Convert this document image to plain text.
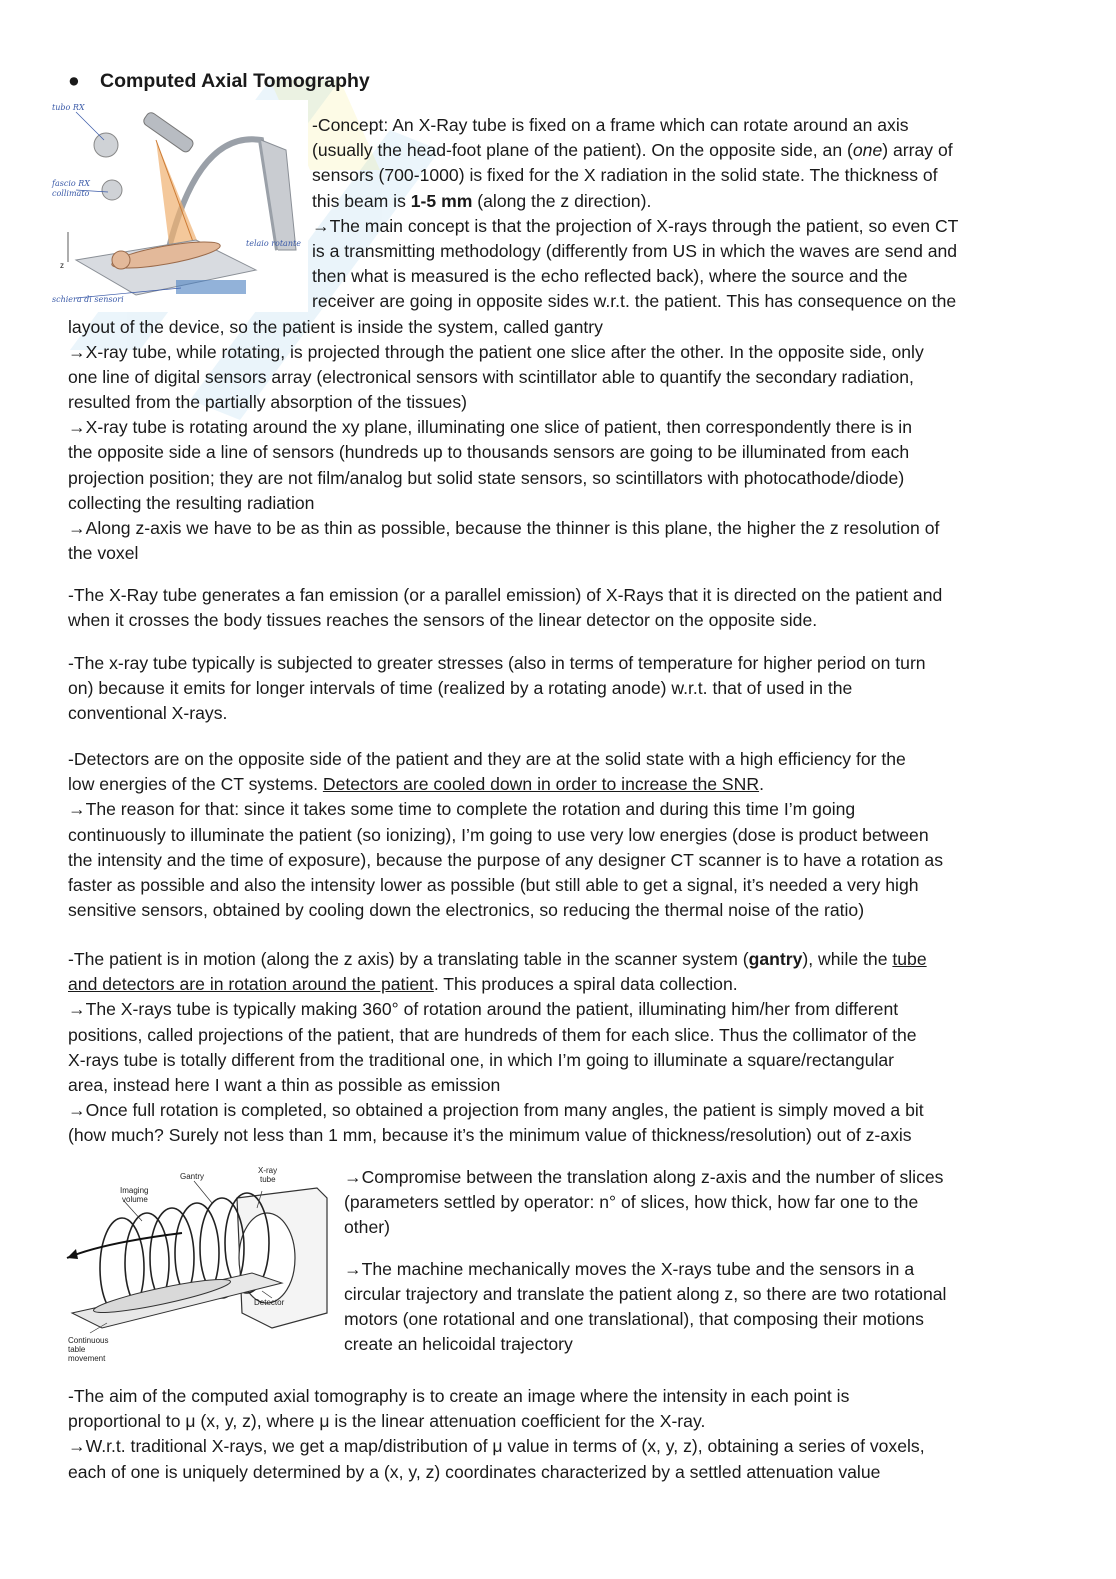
● Computed Axial Tomography
tubo RX
fascio RX
collimato
telaio rotante
z
schiera di sensori
Imaging
volume
Gantry
X-ray
tube
Detector
Continuous
table
movement
-Concept: An X-Ray tube is fixed on a frame which can rotate around an axis
(usually the head-foot plane of the patient). On the opposite side, an (one) array of
sensors (700-1000) is fixed for the X radiation in the solid state. The thickness of
this beam is 1-5 mm (along the z direction).
→The main concept is that the projection of X-rays through the patient, so even CT
is a transmitting methodology (differently from US in which the waves are send and
then what is measured is the echo reflected back), where the source and the
receiver are going in opposite sides w.r.t. the patient. This has consequence on the
layout of the device, so the patient is inside the system, called gantry
→X-ray tube, while rotating, is projected through the patient one slice after the other. In the opposite side, only
one line of digital sensors array (electronical sensors with scintillator able to quantify the secondary radiation,
resulted from the partially absorption of the tissues)
→X-ray tube is rotating around the xy plane, illuminating one slice of patient, then correspondently there is in
the opposite side a line of sensors (hundreds up to thousands sensors are going to be illuminated from each
projection position; they are not film/analog but solid state sensors, so scintillators with photocathode/diode)
collecting the resulting radiation
→Along z-axis we have to be as thin as possible, because the thinner is this plane, the higher the z resolution of
the voxel
-The X-Ray tube generates a fan emission (or a parallel emission) of X-Rays that it is directed on the patient and
when it crosses the body tissues reaches the sensors of the linear detector on the opposite side.
-The x-ray tube typically is subjected to greater stresses (also in terms of temperature for higher period on turn
on) because it emits for longer intervals of time (realized by a rotating anode) w.r.t. that of used in the
conventional X-rays.
-Detectors are on the opposite side of the patient and they are at the solid state with a high efficiency for the
low energies of the CT systems. Detectors are cooled down in order to increase the SNR.
→The reason for that: since it takes some time to complete the rotation and during this time I’m going
continuously to illuminate the patient (so ionizing), I’m going to use very low energies (dose is product between
the intensity and the time of exposure), because the purpose of any designer CT scanner is to have a rotation as
faster as possible and also the intensity lower as possible (but still able to get a signal, it’s needed a very high
sensitive sensors, obtained by cooling down the electronics, so reducing the thermal noise of the ratio)
-The patient is in motion (along the z axis) by a translating table in the scanner system (gantry), while the tube
and detectors are in rotation around the patient. This produces a spiral data collection.
→The X-rays tube is typically making 360° of rotation around the patient, illuminating him/her from different
positions, called projections of the patient, that are hundreds of them for each slice. Thus the collimator of the
X-rays tube is totally different from the traditional one, in which I’m going to illuminate a square/rectangular
area, instead here I want a thin as possible as emission
→Once full rotation is completed, so obtained a projection from many angles, the patient is simply moved a bit
(how much? Surely not less than 1 mm, because it’s the minimum value of thickness/resolution) out of z-axis
→Compromise between the translation along z-axis and the number of slices
(parameters settled by operator: n° of slices, how thick, how far one to the
other)
→The machine mechanically moves the X-rays tube and the sensors in a
circular trajectory and translate the patient along z, so there are two rotational
motors (one rotational and one translational), that composing their motions
create an helicoidal trajectory
-The aim of the computed axial tomography is to create an image where the intensity in each point is
proportional to μ (x, y, z), where μ is the linear attenuation coefficient for the X-ray.
→W.r.t. traditional X-rays, we get a map/distribution of μ value in terms of (x, y, z), obtaining a series of voxels,
each of one is uniquely determined by a (x, y, z) coordinates characterized by a settled attenuation value
